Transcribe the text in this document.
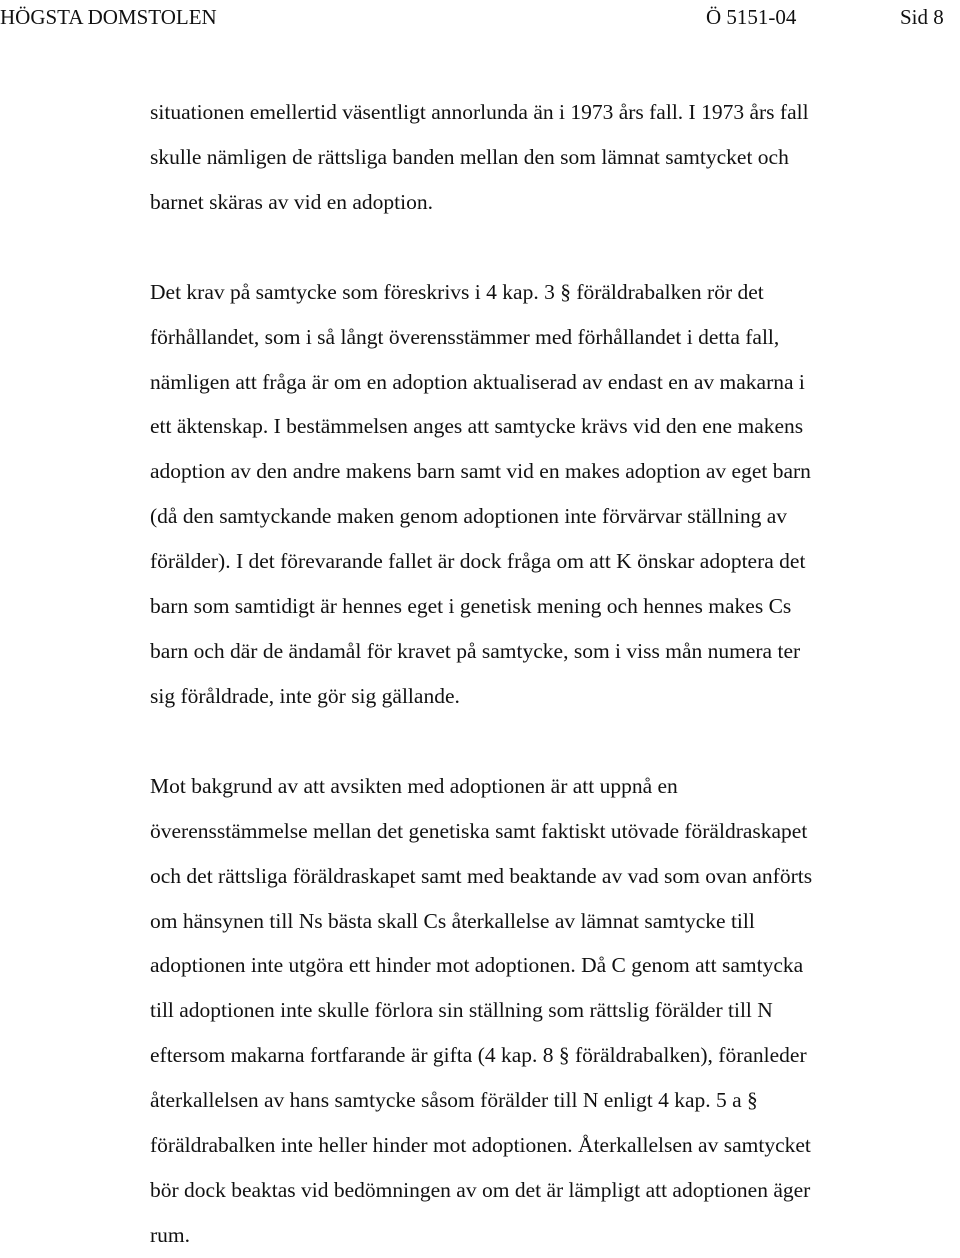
HÖGSTA DOMSTOLEN	Ö 5151-04	Sid 8

situationen emellertid väsentligt annorlunda än i 1973 års fall. I 1973 års fall
skulle nämligen de rättsliga banden mellan den som lämnat samtycket och
barnet skäras av vid en adoption.

Det krav på samtycke som föreskrivs i 4 kap. 3 § föräldrabalken rör det
förhållandet, som i så långt överensstämmer med förhållandet i detta fall,
nämligen att fråga är om en adoption aktualiserad av endast en av makarna i
ett äktenskap. I bestämmelsen anges att samtycke krävs vid den ene makens
adoption av den andre makens barn samt vid en makes adoption av eget barn
(då den samtyckande maken genom adoptionen inte förvärvar ställning av
förälder). I det förevarande fallet är dock fråga om att K önskar adoptera det
barn som samtidigt är hennes eget i genetisk mening och hennes makes Cs
barn och där de ändamål för kravet på samtycke, som i viss mån numera ter
sig föråldrade, inte gör sig gällande.

Mot bakgrund av att avsikten med adoptionen är att uppnå en
överensstämmelse mellan det genetiska samt faktiskt utövade föräldraskapet
och det rättsliga föräldraskapet samt med beaktande av vad som ovan anförts
om hänsynen till Ns bästa skall Cs återkallelse av lämnat samtycke till
adoptionen inte utgöra ett hinder mot adoptionen. Då C genom att samtycka
till adoptionen inte skulle förlora sin ställning som rättslig förälder till N
eftersom makarna fortfarande är gifta (4 kap. 8 § föräldrabalken), föranleder
återkallelsen av hans samtycke såsom förälder till N enligt 4 kap. 5 a §
föräldrabalken inte heller hinder mot adoptionen. Återkallelsen av samtycket
bör dock beaktas vid bedömningen av om det är lämpligt att adoptionen äger
rum.
